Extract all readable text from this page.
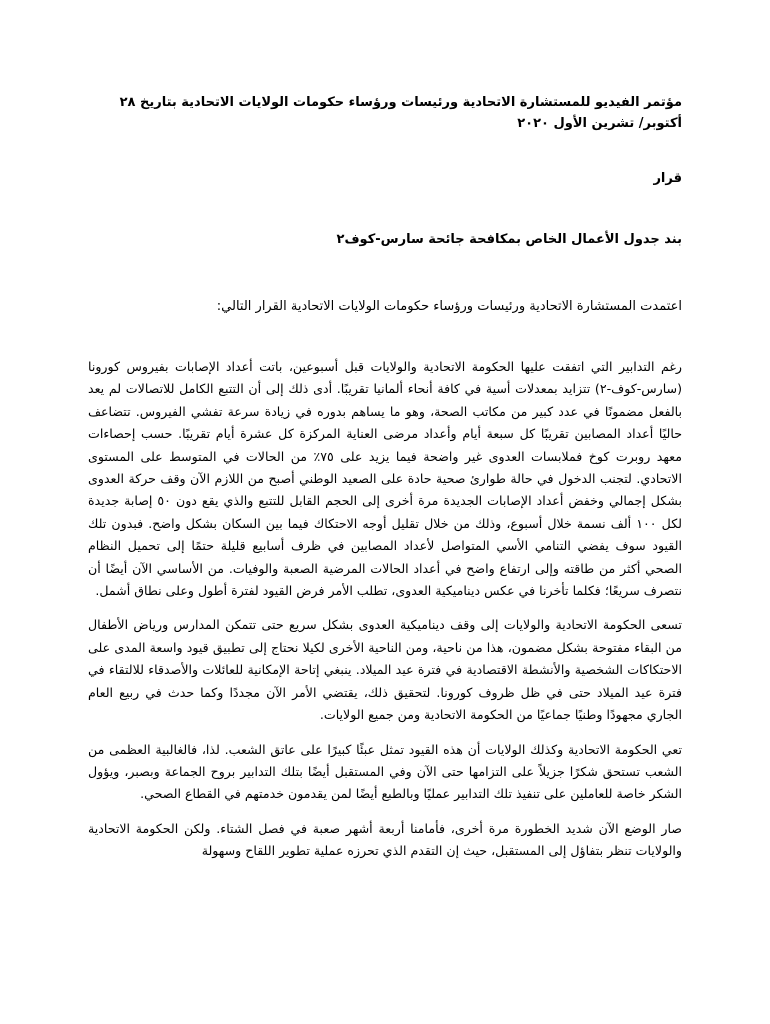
مؤتمر الفيديو للمستشارة الاتحادية ورئيسات ورؤساء حكومات الولايات الاتحادية بتاريخ ٢٨ أكتوبر/ تشرين الأول ٢٠٢٠

قرار

بند جدول الأعمال الخاص بمكافحة جائحة سارس-كوف٢

اعتمدت المستشارة الاتحادية ورئيسات ورؤساء حكومات الولايات الاتحادية القرار التالي:

رغم التدابير التي اتفقت عليها الحكومة الاتحادية والولايات قبل أسبوعين، باتت أعداد الإصابات بفيروس كورونا (سارس-كوف-٢) تتزايد بمعدلات أسية في كافة أنحاء ألمانيا تقريبًا. أدى ذلك إلى أن التتبع الكامل للاتصالات لم يعد بالفعل مضمونًا في عدد كبير من مكاتب الصحة، وهو ما يساهم بدوره في زيادة سرعة تفشي الفيروس. تتضاعف حاليًا أعداد المصابين تقريبًا كل سبعة أيام وأعداد مرضى العناية المركزة كل عشرة أيام تقريبًا. حسب إحصاءات معهد روبرت كوخ فملابسات العدوى غير واضحة فيما يزيد على ٧٥٪ من الحالات في المتوسط على المستوى الاتحادي. لتجنب الدخول في حالة طوارئ صحية حادة على الصعيد الوطني أصبح من اللازم الآن وقف حركة العدوى بشكل إجمالي وخفض أعداد الإصابات الجديدة مرة أخرى إلى الحجم القابل للتتبع والذي يقع دون ٥٠ إصابة جديدة لكل ١٠٠ ألف نسمة خلال أسبوع، وذلك من خلال تقليل أوجه الاحتكاك فيما بين السكان بشكل واضح. فبدون تلك القيود سوف يفضي التنامي الأسي المتواصل لأعداد المصابين في ظرف أسابيع قليلة حتمًا إلى تحميل النظام الصحي أكثر من طاقته وإلى ارتفاع واضح في أعداد الحالات المرضية الصعبة والوفيات. من الأساسي الآن أيضًا أن نتصرف سريعًا؛ فكلما تأخرنا في عكس ديناميكية العدوى، تطلب الأمر فرض القيود لفترة أطول وعلى نطاق أشمل.

تسعى الحكومة الاتحادية والولايات إلى وقف ديناميكية العدوى بشكل سريع حتى تتمكن المدارس ورياض الأطفال من البقاء مفتوحة بشكل مضمون، هذا من ناحية، ومن الناحية الأخرى لكيلا نحتاج إلى تطبيق قيود واسعة المدى على الاحتكاكات الشخصية والأنشطة الاقتصادية في فترة عيد الميلاد. ينبغي إتاحة الإمكانية للعائلات والأصدقاء للالتقاء في فترة عيد الميلاد حتى في ظل ظروف كورونا. لتحقيق ذلك، يقتضي الأمر الآن مجددًا وكما حدث في ربيع العام الجاري مجهودًا وطنيًا جماعيًا من الحكومة الاتحادية ومن جميع الولايات.

تعي الحكومة الاتحادية وكذلك الولايات أن هذه القيود تمثل عبئًا كبيرًا على عاتق الشعب. لذا، فالغالبية العظمى من الشعب تستحق شكرًا جزيلاً على التزامها حتى الآن وفي المستقبل أيضًا بتلك التدابير بروح الجماعة وبصبر، ويؤول الشكر خاصة للعاملين على تنفيذ تلك التدابير عمليًا وبالطبع أيضًا لمن يقدمون خدمتهم في القطاع الصحي.

صار الوضع الآن شديد الخطورة مرة أخرى، فأمامنا أربعة أشهر صعبة في فصل الشتاء. ولكن الحكومة الاتحادية والولايات تنظر بتفاؤل إلى المستقبل، حيث إن التقدم الذي تحرزه عملية تطوير اللقاح وسهولة
